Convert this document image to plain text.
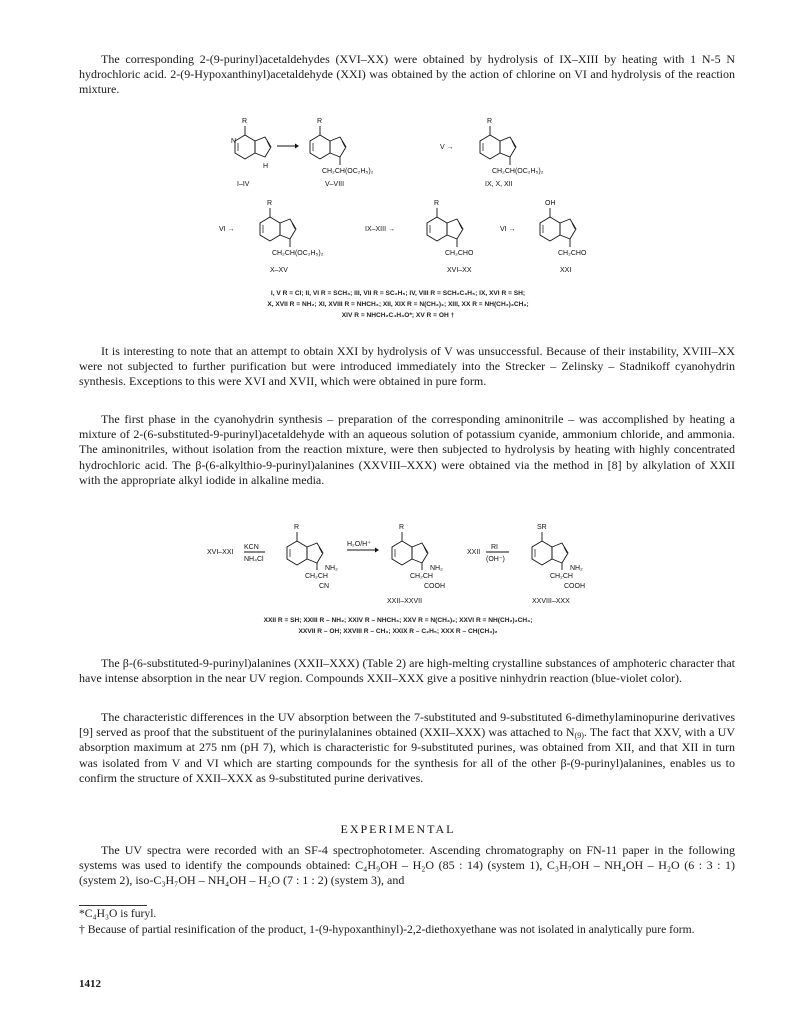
The corresponding 2-(9-purinyl)acetaldehydes (XVI–XX) were obtained by hydrolysis of IX–XIII by heating with 1 N-5 N hydrochloric acid. 2-(9-Hypoxanthinyl)acetaldehyde (XXI) was obtained by the action of chlorine on VI and hydrolysis of the reaction mixture.
R
N
H
R
CH₂CH(OC₂H₅)₂
V →
R
CH₂CH(OC₂H₅)₂
I–IV	V–VIII	IX, X, XII
VI →
R
CH₂CH(OC₂H₅)₂
IX–XIII →
R
CH₂CHO
VI →
OH
CH₂CHO
X–XV	XVI–XX	XXI
I, V R = Cl; II, VI R = SCH₃; III, VII R = SC₂H₅; IV, VIII R = SCH₂C₆H₅; IX, XVI R = SH;
X, XVII R = NH₂; XI, XVIII R = NHCH₃; XII, XIX R = N(CH₃)₂; XIII, XX R = NH(CH₂)₃CH₃;
XIV R = NHCH₂C₄H₃O*; XV R = OH †
It is interesting to note that an attempt to obtain XXI by hydrolysis of V was unsuccessful. Because of their instability, XVIII–XX were not subjected to further purification but were introduced immediately into the Strecker – Zelinsky – Stadnikoff cyanohydrin synthesis. Exceptions to this were XVI and XVII, which were obtained in pure form.
The first phase in the cyanohydrin synthesis – preparation of the corresponding aminonitrile – was accomplished by heating a mixture of 2-(6-substituted-9-purinyl)acetaldehyde with an aqueous solution of potassium cyanide, ammonium chloride, and ammonia. The aminonitriles, without isolation from the reaction mixture, were then subjected to hydrolysis by heating with highly concentrated hydrochloric acid. The β-(6-alkylthio-9-purinyl)alanines (XXVIII–XXX) were obtained via the method in [8] by alkylation of XXII with the appropriate alkyl iodide in alkaline media.
XVI–XXI
KCN
NH₄Cl
R
NH₂
CH₂CH
CN
H₂O/H⁺
R
NH₂
CH₂CH
COOH
XXII–XXVII
XXII
RI
(OH⁻)
SR
NH₂
CH₂CH
COOH
XXVIII–XXX
XXII R = SH; XXIII R – NH₂; XXIV R – NHCH₃; XXV R = N(CH₃)₂; XXVI R = NH(CH₂)₃CH₃;
XXVII R – OH; XXVIII R – CH₃; XXIX R – C₂H₅; XXX R – CH(CH₃)₂
The β-(6-substituted-9-purinyl)alanines (XXII–XXX) (Table 2) are high-melting crystalline substances of amphoteric character that have intense absorption in the near UV region. Compounds XXII–XXX give a positive ninhydrin reaction (blue-violet color).
The characteristic differences in the UV absorption between the 7-substituted and 9-substituted 6-dimethylaminopurine derivatives [9] served as proof that the substituent of the purinylalanines obtained (XXII–XXX) was attached to $N_{(9)}$. The fact that XXV, with a UV absorption maximum at 275 nm (pH 7), which is characteristic for 9-substituted purines, was obtained from XII, and that XII in turn was isolated from V and VI which are starting compounds for the synthesis for all of the other β-(9-purinyl)alanines, enables us to confirm the structure of XXII–XXX as 9-substituted purine derivatives.
EXPERIMENTAL
The UV spectra were recorded with an SF-4 spectrophotometer. Ascending chromatography on FN-11 paper in the following systems was used to identify the compounds obtained: C₄H₉OH – H₂O (85 : 14) (system 1), C₃H₇OH – NH₄OH – H₂O (6 : 3 : 1) (system 2), iso-C₃H₇OH – NH₄OH – H₂O (7 : 1 : 2) (system 3), and
*C₄H₃O is furyl.
† Because of partial resinification of the product, 1-(9-hypoxanthinyl)-2,2-diethoxyethane was not isolated in analytically pure form.
1412
